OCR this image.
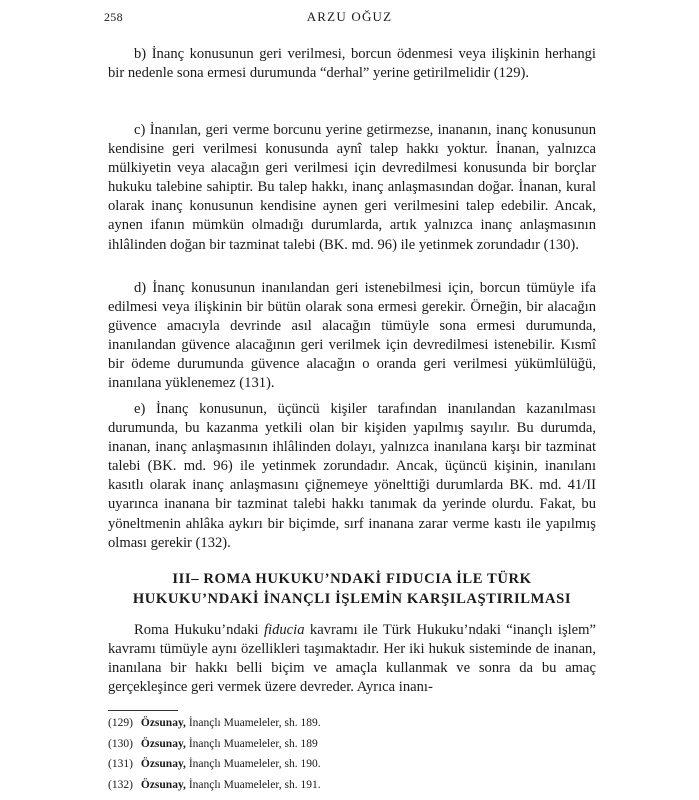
258	ARZU OĞUZ

b) İnanç konusunun geri verilmesi, borcun ödenmesi veya ilişkinin herhangi bir nedenle sona ermesi durumunda “derhal” yerine getirilmelidir (129).

c) İnanılan, geri verme borcunu yerine getirmezse, inananın, inanç konusunun kendisine geri verilmesi konusunda aynî talep hakkı yoktur. İnanan, yalnızca mülkiyetin veya alacağın geri verilmesi için devredilmesi konusunda bir borçlar hukuku talebine sahiptir. Bu talep hakkı, inanç anlaşmasından doğar. İnanan, kural olarak inanç konusunun kendisine aynen geri verilmesini talep edebilir. Ancak, aynen ifanın mümkün olmadığı durumlarda, artık yalnızca inanç anlaşmasının ihlâlinden doğan bir tazminat talebi (BK. md. 96) ile yetinmek zorundadır (130).

d) İnanç konusunun inanılandan geri istenebilmesi için, borcun tümüyle ifa edilmesi veya ilişkinin bir bütün olarak sona ermesi gerekir. Örneğin, bir alacağın güvence amacıyla devrinde asıl alacağın tümüyle sona ermesi durumunda, inanılandan güvence alacağının geri verilmek için devredilmesi istenebilir. Kısmî bir ödeme durumunda güvence alacağın o oranda geri verilmesi yükümlülüğü, inanılana yüklenemez (131).

e) İnanç konusunun, üçüncü kişiler tarafından inanılandan kazanılması durumunda, bu kazanma yetkili olan bir kişiden yapılmış sayılır. Bu durumda, inanan, inanç anlaşmasının ihlâlinden dolayı, yalnızca inanılana karşı bir tazminat talebi (BK. md. 96) ile yetinmek zorundadır. Ancak, üçüncü kişinin, inanılanı kasıtlı olarak inanç anlaşmasını çiğnemeye yönelttiği durumlarda BK. md. 41/II uyarınca inanana bir tazminat talebi hakkı tanımak da yerinde olurdu. Fakat, bu yöneltmenin ahlâka aykırı bir biçimde, sırf inanana zarar verme kastı ile yapılmış olması gerekir (132).

III– ROMA HUKUKU’NDAKİ FIDUCIA İLE TÜRK HUKUKU’NDAKİ İNANÇLI İŞLEMİN KARŞILAŞTIRILMASI

Roma Hukuku’ndaki fiducia kavramı ile Türk Hukuku’ndaki “inançlı işlem” kavramı tümüyle aynı özellikleri taşımaktadır. Her iki hukuk sisteminde de inanan, inanılana bir hakkı belli biçim ve amaçla kullanmak ve sonra da bu amaç gerçekleşince geri vermek üzere devreder. Ayrıca inanı-

(129) Özsunay, İnançlı Muameleler, sh. 189.
(130) Özsunay, İnançlı Muameleler, sh. 189
(131) Özsunay, İnançlı Muameleler, sh. 190.
(132) Özsunay, İnançlı Muameleler, sh. 191.
